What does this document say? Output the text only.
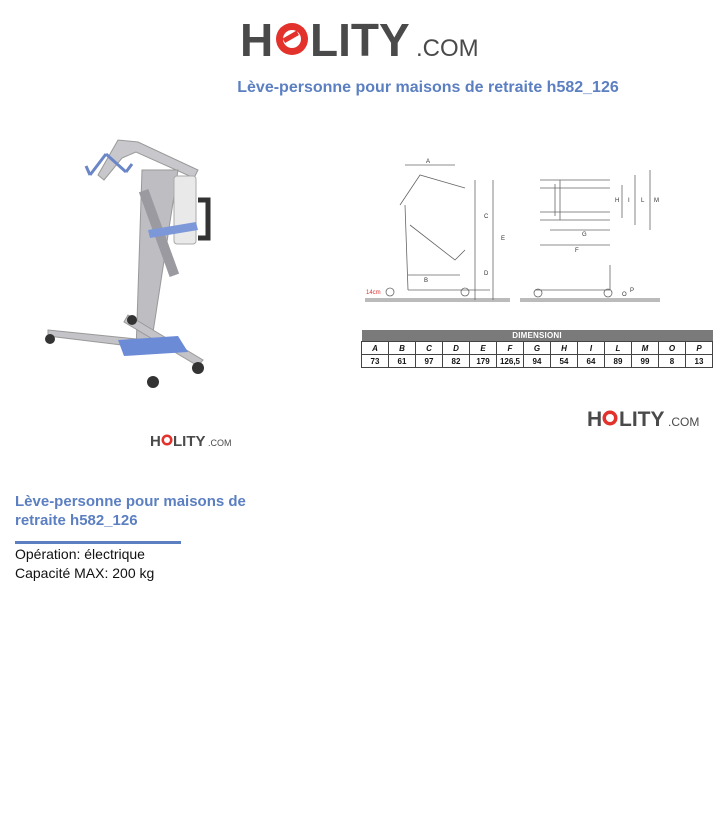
H LITY .COM
Lève-personne pour maisons de retraite h582_126
H LITY .COM
A
B
C
D
E
F
G
H I L M
O
P
14cm
DIMENSIONI												
A	B	C	D	E	F	G	H	I	L	M	O	P
73	61	97	82	179	126,5	94	54	64	89	99	8	13
H LITY .COM
Lève-personne pour maisons de retraite h582_126
Opération: électrique
Capacité MAX: 200 kg
